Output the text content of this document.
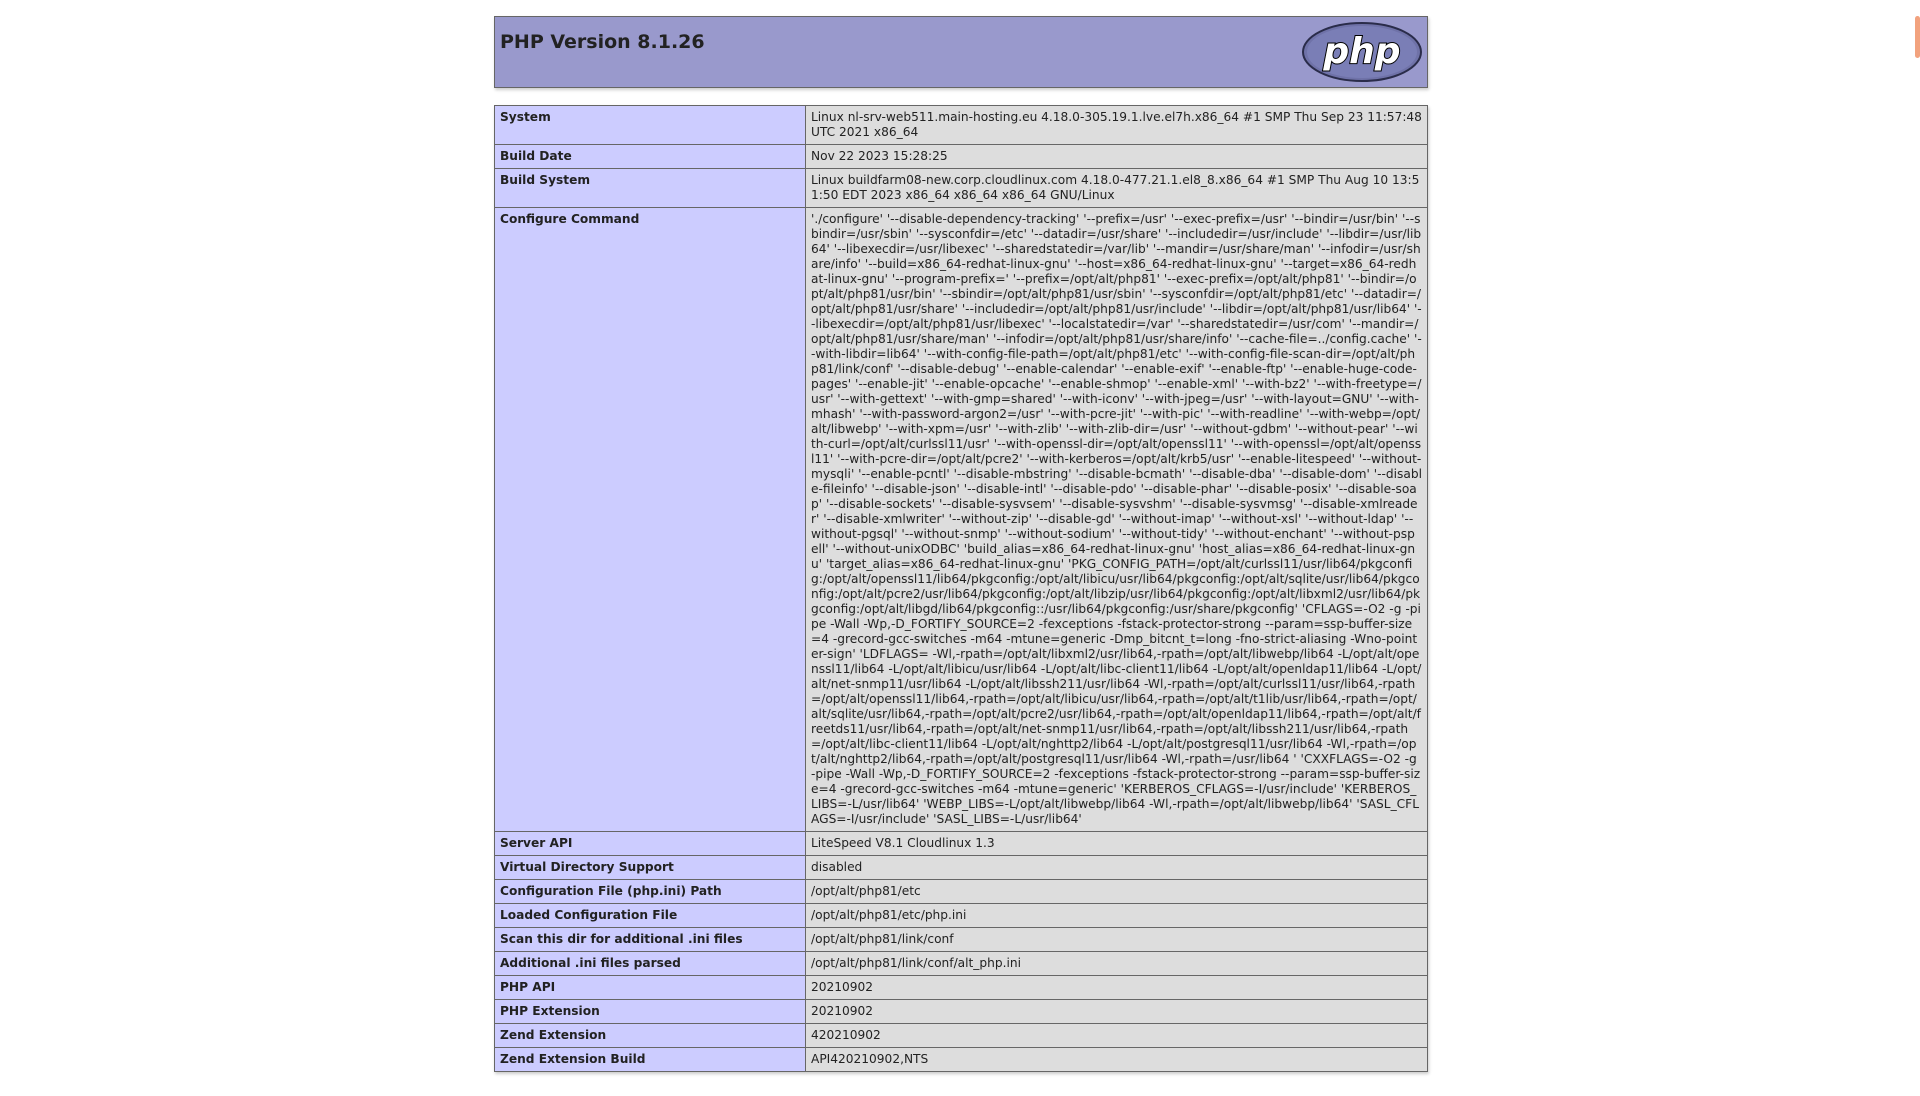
PHP Version 8.1.26	php
System	Linux nl-srv-web511.main-hosting.eu 4.18.0-305.19.1.lve.el7h.x86_64 #1 SMP Thu Sep 23 11:57:48 UTC 2021 x86_64
Build Date	Nov 22 2023 15:28:25
Build System	Linux buildfarm08-new.corp.cloudlinux.com 4.18.0-477.21.1.el8_8.x86_64 #1 SMP Thu Aug 10 13:51:50 EDT 2023 x86_64 x86_64 x86_64 GNU/Linux
Configure Command	'./configure' '--disable-dependency-tracking' '--prefix=/usr' '--exec-prefix=/usr' '--bindir=/usr/bin' '--sbindir=/usr/sbin' '--sysconfdir=/etc' '--datadir=/usr/share' '--includedir=/usr/include' '--libdir=/usr/lib64' '--libexecdir=/usr/libexec' '--sharedstatedir=/var/lib' '--mandir=/usr/share/man' '--infodir=/usr/share/info' '--build=x86_64-redhat-linux-gnu' '--host=x86_64-redhat-linux-gnu' '--target=x86_64-redhat-linux-gnu' '--program-prefix=' '--prefix=/opt/alt/php81' '--exec-prefix=/opt/alt/php81' '--bindir=/opt/alt/php81/usr/bin' '--sbindir=/opt/alt/php81/usr/sbin' '--sysconfdir=/opt/alt/php81/etc' '--datadir=/opt/alt/php81/usr/share' '--includedir=/opt/alt/php81/usr/include' '--libdir=/opt/alt/php81/usr/lib64' '--libexecdir=/opt/alt/php81/usr/libexec' '--localstatedir=/var' '--sharedstatedir=/usr/com' '--mandir=/opt/alt/php81/usr/share/man' '--infodir=/opt/alt/php81/usr/share/info' '--cache-file=../config.cache' '--with-libdir=lib64' '--with-config-file-path=/opt/alt/php81/etc' '--with-config-file-scan-dir=/opt/alt/php81/link/conf' '--disable-debug' '--enable-calendar' '--enable-exif' '--enable-ftp' '--enable-huge-code-pages' '--enable-jit' '--enable-opcache' '--enable-shmop' '--enable-xml' '--with-bz2' '--with-freetype=/usr' '--with-gettext' '--with-gmp=shared' '--with-iconv' '--with-jpeg=/usr' '--with-layout=GNU' '--with-mhash' '--with-password-argon2=/usr' '--with-pcre-jit' '--with-pic' '--with-readline' '--with-webp=/opt/alt/libwebp' '--with-xpm=/usr' '--with-zlib' '--with-zlib-dir=/usr' '--without-gdbm' '--without-pear' '--with-curl=/opt/alt/curlssl11/usr' '--with-openssl-dir=/opt/alt/openssl11' '--with-openssl=/opt/alt/openssl11' '--with-pcre-dir=/opt/alt/pcre2' '--with-kerberos=/opt/alt/krb5/usr' '--enable-litespeed' '--without-mysqli' '--enable-pcntl' '--disable-mbstring' '--disable-bcmath' '--disable-dba' '--disable-dom' '--disable-fileinfo' '--disable-json' '--disable-intl' '--disable-pdo' '--disable-phar' '--disable-posix' '--disable-soap' '--disable-sockets' '--disable-sysvsem' '--disable-sysvshm' '--disable-sysvmsg' '--disable-xmlreader' '--disable-xmlwriter' '--without-zip' '--disable-gd' '--without-imap' '--without-xsl' '--without-ldap' '--without-pgsql' '--without-snmp' '--without-sodium' '--without-tidy' '--without-enchant' '--without-pspell' '--without-unixODBC' 'build_alias=x86_64-redhat-linux-gnu' 'host_alias=x86_64-redhat-linux-gnu' 'target_alias=x86_64-redhat-linux-gnu' 'PKG_CONFIG_PATH=/opt/alt/curlssl11/usr/lib64/pkgconfig:/opt/alt/openssl11/lib64/pkgconfig:/opt/alt/libicu/usr/lib64/pkgconfig:/opt/alt/sqlite/usr/lib64/pkgconfig:/opt/alt/pcre2/usr/lib64/pkgconfig:/opt/alt/libzip/usr/lib64/pkgconfig:/opt/alt/libxml2/usr/lib64/pkgconfig:/opt/alt/libgd/lib64/pkgconfig::/usr/lib64/pkgconfig:/usr/share/pkgconfig' 'CFLAGS=-O2 -g -pipe -Wall -Wp,-D_FORTIFY_SOURCE=2 -fexceptions -fstack-protector-strong --param=ssp-buffer-size=4 -grecord-gcc-switches -m64 -mtune=generic -Dmp_bitcnt_t=long -fno-strict-aliasing -Wno-pointer-sign' 'LDFLAGS= -Wl,-rpath=/opt/alt/libxml2/usr/lib64,-rpath=/opt/alt/libwebp/lib64 -L/opt/alt/openssl11/lib64 -L/opt/alt/libicu/usr/lib64 -L/opt/alt/libc-client11/lib64 -L/opt/alt/openldap11/lib64 -L/opt/alt/net-snmp11/usr/lib64 -L/opt/alt/libssh211/usr/lib64 -Wl,-rpath=/opt/alt/curlssl11/usr/lib64,-rpath=/opt/alt/openssl11/lib64,-rpath=/opt/alt/libicu/usr/lib64,-rpath=/opt/alt/t1lib/usr/lib64,-rpath=/opt/alt/sqlite/usr/lib64,-rpath=/opt/alt/pcre2/usr/lib64,-rpath=/opt/alt/openldap11/lib64,-rpath=/opt/alt/freetds11/usr/lib64,-rpath=/opt/alt/net-snmp11/usr/lib64,-rpath=/opt/alt/libssh211/usr/lib64,-rpath=/opt/alt/libc-client11/lib64 -L/opt/alt/nghttp2/lib64 -L/opt/alt/postgresql11/usr/lib64 -Wl,-rpath=/opt/alt/nghttp2/lib64,-rpath=/opt/alt/postgresql11/usr/lib64 -Wl,-rpath=/usr/lib64 ' 'CXXFLAGS=-O2 -g -pipe -Wall -Wp,-D_FORTIFY_SOURCE=2 -fexceptions -fstack-protector-strong --param=ssp-buffer-size=4 -grecord-gcc-switches -m64 -mtune=generic' 'KERBEROS_CFLAGS=-I/usr/include' 'KERBEROS_LIBS=-L/usr/lib64' 'WEBP_LIBS=-L/opt/alt/libwebp/lib64 -Wl,-rpath=/opt/alt/libwebp/lib64' 'SASL_CFLAGS=-I/usr/include' 'SASL_LIBS=-L/usr/lib64'
Server API	LiteSpeed V8.1 Cloudlinux 1.3
Virtual Directory Support	disabled
Configuration File (php.ini) Path	/opt/alt/php81/etc
Loaded Configuration File	/opt/alt/php81/etc/php.ini
Scan this dir for additional .ini files	/opt/alt/php81/link/conf
Additional .ini files parsed	/opt/alt/php81/link/conf/alt_php.ini
PHP API	20210902
PHP Extension	20210902
Zend Extension	420210902
Zend Extension Build	API420210902,NTS
